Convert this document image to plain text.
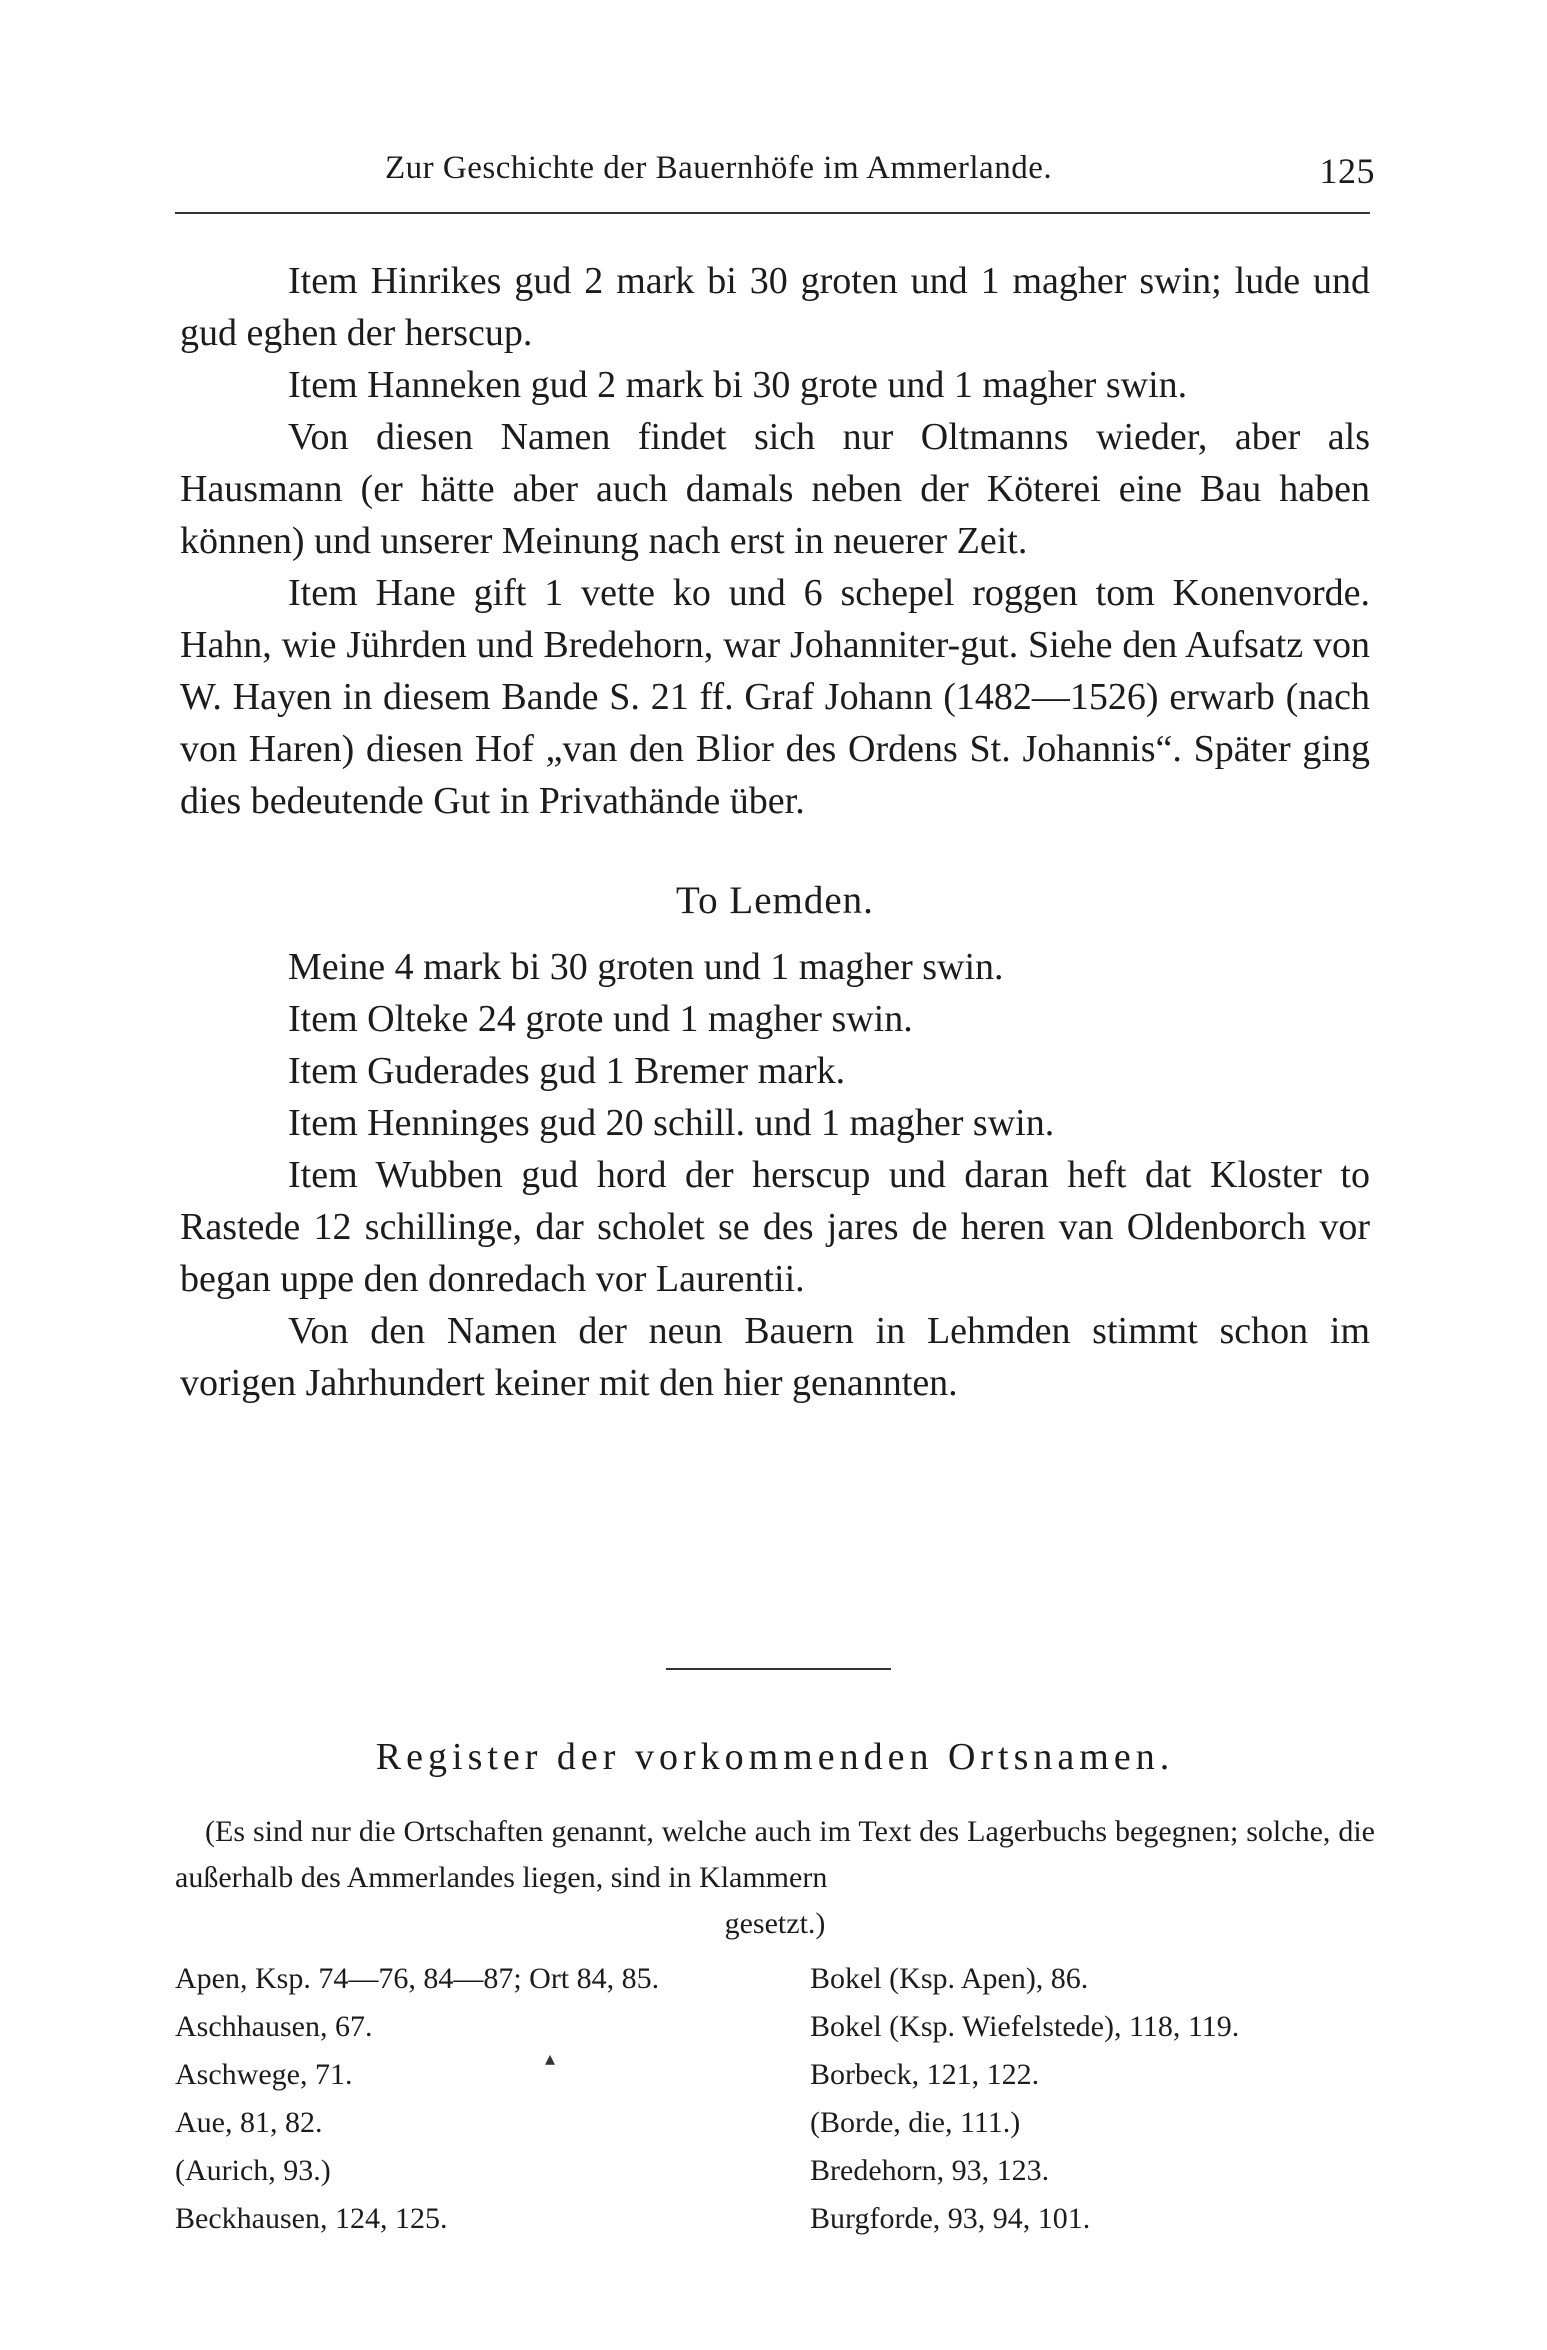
Zur Geschichte der Bauernhöfe im Ammerlande.	125

Item Hinrikes gud 2 mark bi 30 groten und 1 magher swin; lude und gud eghen der herscup.

Item Hanneken gud 2 mark bi 30 grote und 1 magher swin.

Von diesen Namen findet sich nur Oltmanns wieder, aber als Hausmann (er hätte aber auch damals neben der Köterei eine Bau haben können) und unserer Meinung nach erst in neuerer Zeit.

Item Hane gift 1 vette ko und 6 schepel roggen tom Konenvorde. Hahn, wie Jührden und Bredehorn, war Johanniter-gut. Siehe den Aufsatz von W. Hayen in diesem Bande S. 21 ff. Graf Johann (1482—1526) erwarb (nach von Haren) diesen Hof „van den Blior des Ordens St. Johannis“. Später ging dies bedeutende Gut in Privathände über.

To Lemden.

Meine 4 mark bi 30 groten und 1 magher swin.

Item Olteke 24 grote und 1 magher swin.

Item Guderades gud 1 Bremer mark.

Item Henninges gud 20 schill. und 1 magher swin.

Item Wubben gud hord der herscup und daran heft dat Kloster to Rastede 12 schillinge, dar scholet se des jares de heren van Oldenborch vor began uppe den donredach vor Laurentii.

Von den Namen der neun Bauern in Lehmden stimmt schon im vorigen Jahrhundert keiner mit den hier genannten.

Register der vorkommenden Ortsnamen.

(Es sind nur die Ortschaften genannt, welche auch im Text des Lagerbuchs begegnen; solche, die außerhalb des Ammerlandes liegen, sind in Klammern

gesetzt.)

Apen, Ksp. 74—76, 84—87; Ort 84, 85.
Aschhausen, 67.
Aschwege, 71.
Aue, 81, 82.
(Aurich, 93.)
Beckhausen, 124, 125.
▴
Bokel (Ksp. Apen), 86.
Bokel (Ksp. Wiefelstede), 118, 119.
Borbeck, 121, 122.
(Borde, die, 111.)
Bredehorn, 93, 123.
Burgforde, 93, 94, 101.
